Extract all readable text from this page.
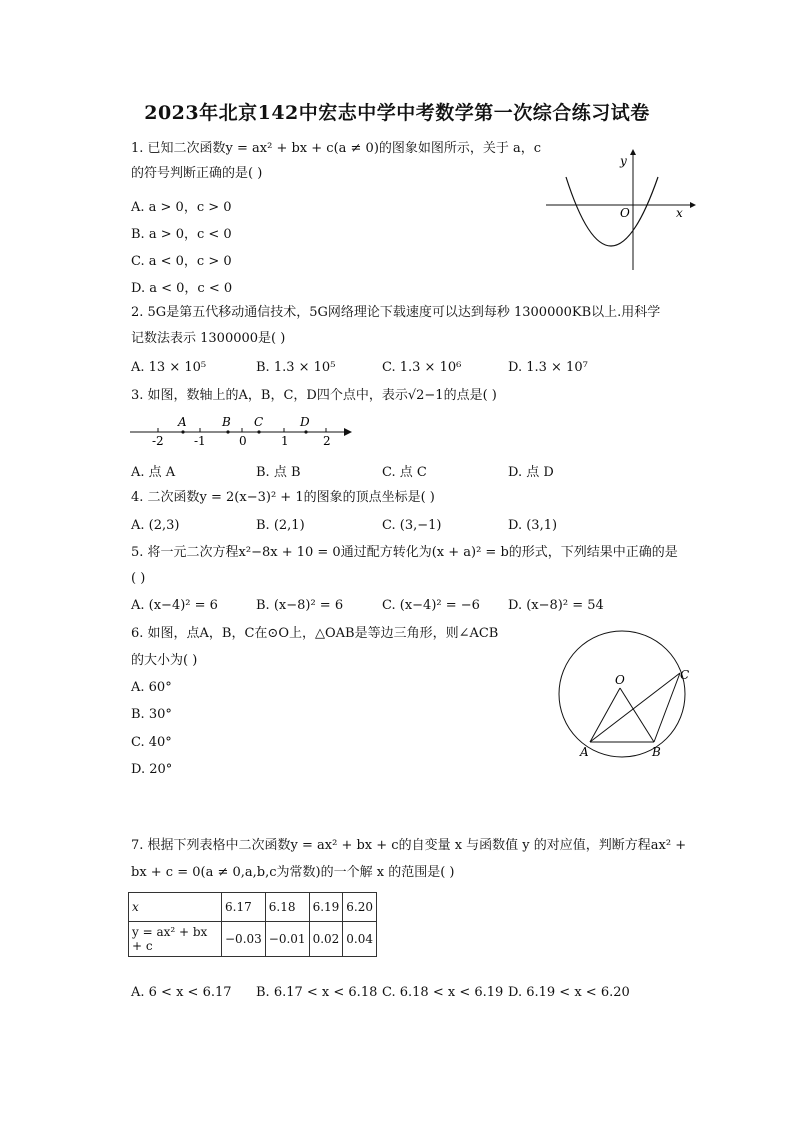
2023年北京142中宏志中学中考数学第一次综合练习试卷
1. 已知二次函数y = ax² + bx + c(a ≠ 0)的图象如图所示，关于 a，c
的符号判断正确的是( )
A. a > 0，c > 0
B. a > 0，c < 0
C. a < 0，c > 0
D. a < 0，c < 0
y
O	x
2. 5G是第五代移动通信技术，5G网络理论下载速度可以达到每秒 1300000KB以上.用科学
记数法表示 1300000是( )
A. 13 × 10⁵	B. 1.3 × 10⁵	C. 1.3 × 10⁶	D. 1.3 × 10⁷
3. 如图，数轴上的A，B，C，D四个点中，表示√2−1的点是( )
A	B C	D
-2	-1	0	1	2
A. 点 A	B. 点 B	C. 点 C	D. 点 D
4. 二次函数y = 2(x−3)² + 1的图象的顶点坐标是( )
A. (2,3)	B. (2,1)	C. (3,−1)	D. (3,1)
5. 将一元二次方程x²−8x + 10 = 0通过配方转化为(x + a)² = b的形式，下列结果中正确的是
( )
A. (x−4)² = 6	B. (x−8)² = 6	C. (x−4)² = −6 D. (x−8)² = 54
6. 如图，点A，B，C在⊙O上，△OAB是等边三角形，则∠ACB
的大小为( )
A. 60°
B. 30°
C. 40°
D. 20°
O
A	B
C
7. 根据下列表格中二次函数y = ax² + bx + c的自变量 x 与函数值 y 的对应值，判断方程ax² +
bx + c = 0(a ≠ 0,a,b,c为常数)的一个解 x 的范围是( )
x	6.17	6.18	6.19	6.20
y = ax² + bx + c	−0.03	−0.01	0.02	0.04
A. 6 < x < 6.17 B. 6.17 < x < 6.18 C. 6.18 < x < 6.19 D. 6.19 < x < 6.20
